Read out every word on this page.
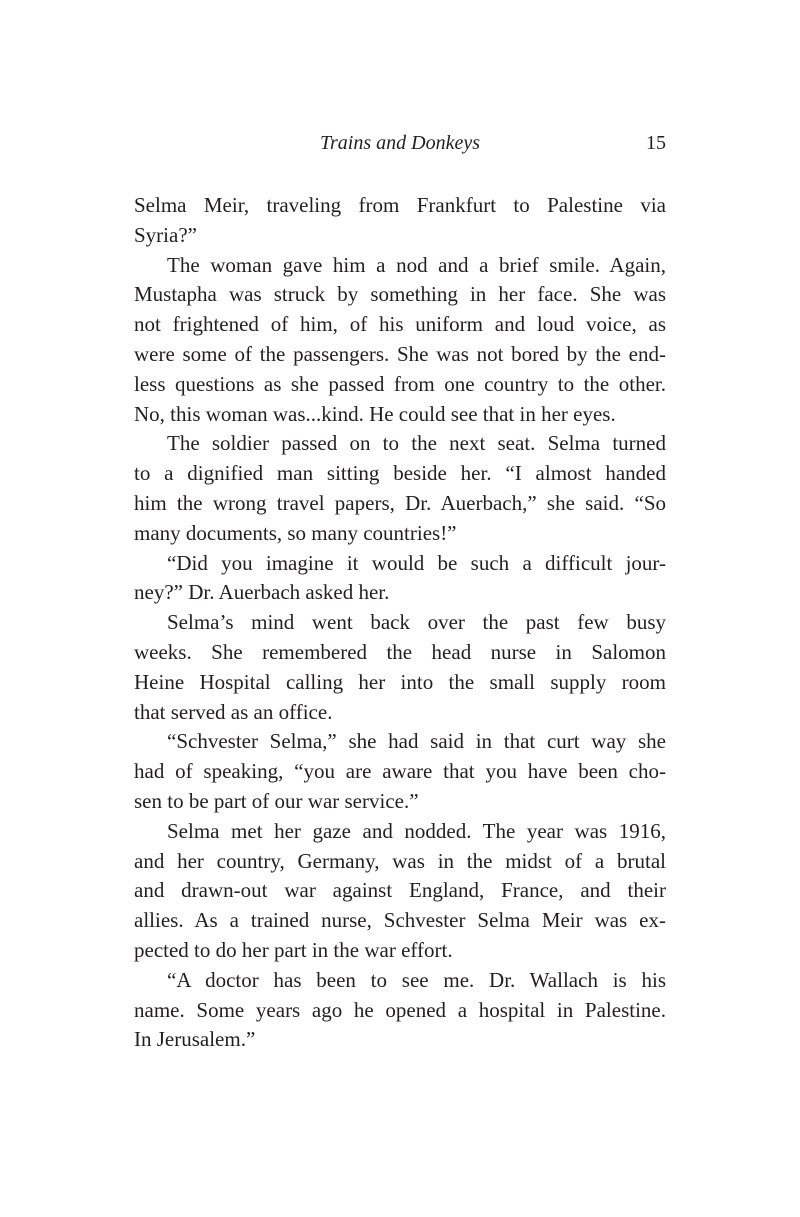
Trains and Donkeys	15
Selma Meir, traveling from Frankfurt to Palestine via
Syria?”
The woman gave him a nod and a brief smile. Again,
Mustapha was struck by something in her face. She was
not frightened of him, of his uniform and loud voice, as
were some of the passengers. She was not bored by the end-
less questions as she passed from one country to the other.
No, this woman was...kind. He could see that in her eyes.
The soldier passed on to the next seat. Selma turned
to a dignified man sitting beside her. “I almost handed
him the wrong travel papers, Dr. Auerbach,” she said. “So
many documents, so many countries!”
“Did you imagine it would be such a difficult jour-
ney?” Dr. Auerbach asked her.
Selma’s mind went back over the past few busy
weeks. She remembered the head nurse in Salomon
Heine Hospital calling her into the small supply room
that served as an office.
“Schvester Selma,” she had said in that curt way she
had of speaking, “you are aware that you have been cho-
sen to be part of our war service.”
Selma met her gaze and nodded. The year was 1916,
and her country, Germany, was in the midst of a brutal
and drawn-out war against England, France, and their
allies. As a trained nurse, Schvester Selma Meir was ex-
pected to do her part in the war effort.
“A doctor has been to see me. Dr. Wallach is his
name. Some years ago he opened a hospital in Palestine.
In Jerusalem.”
